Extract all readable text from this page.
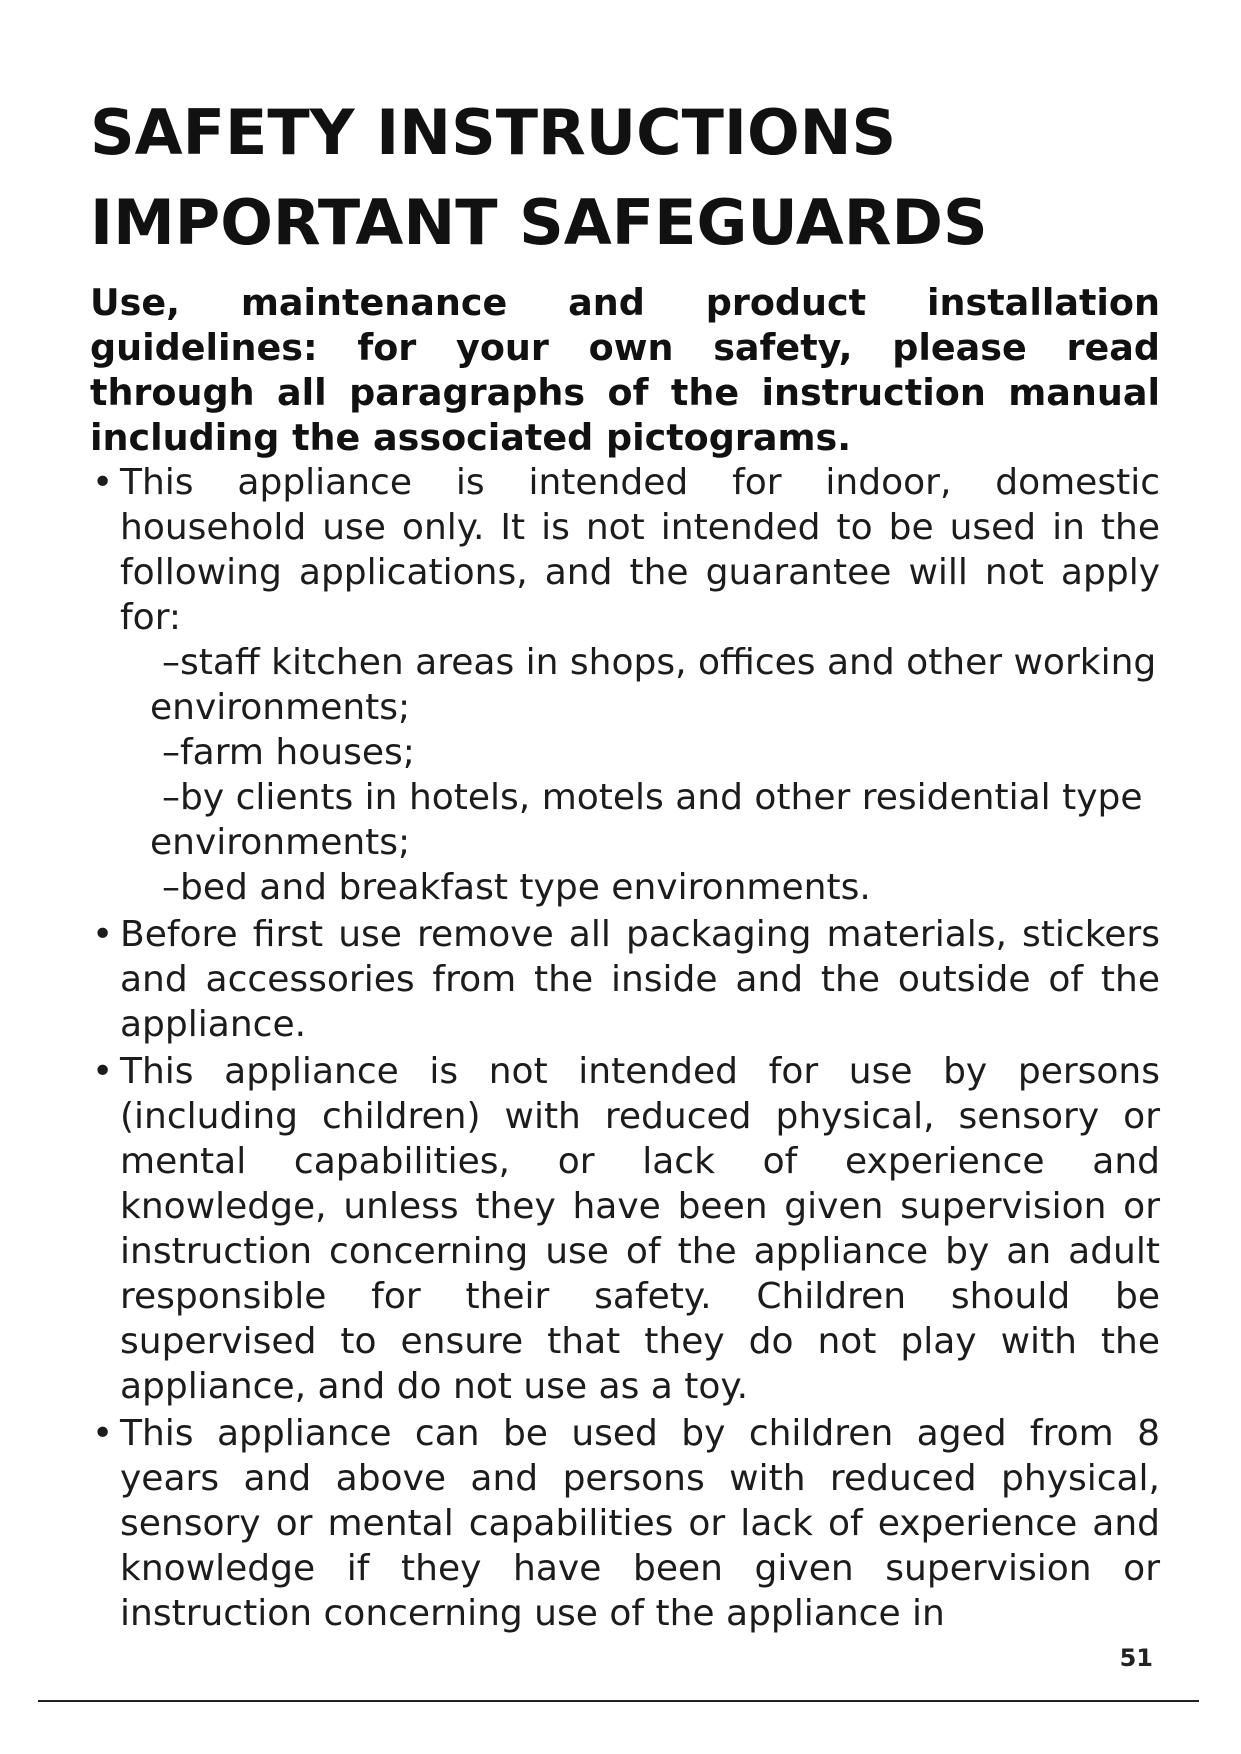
SAFETY INSTRUCTIONS
IMPORTANT SAFEGUARDS

Use, maintenance and product installation guidelines: for your own safety, please read through all paragraphs of the instruction manual including the associated pictograms.

• This appliance is intended for indoor, domestic household use only. It is not intended to be used in the following applications, and the guarantee will not apply for:
–staff kitchen areas in shops, offices and other working environments;
–farm houses;
–by clients in hotels, motels and other residential type environments;
–bed and breakfast type environments.
• Before first use remove all packaging materials, stickers and accessories from the inside and the outside of the appliance.
• This appliance is not intended for use by persons (including children) with reduced physical, sensory or mental capabilities, or lack of experience and knowledge, unless they have been given supervision or instruction concerning use of the appliance by an adult responsible for their safety. Children should be supervised to ensure that they do not play with the appliance, and do not use as a toy.
• This appliance can be used by children aged from 8 years and above and persons with reduced physical, sensory or mental capabilities or lack of experience and knowledge if they have been given supervision or instruction concerning use of the appliance in
51
